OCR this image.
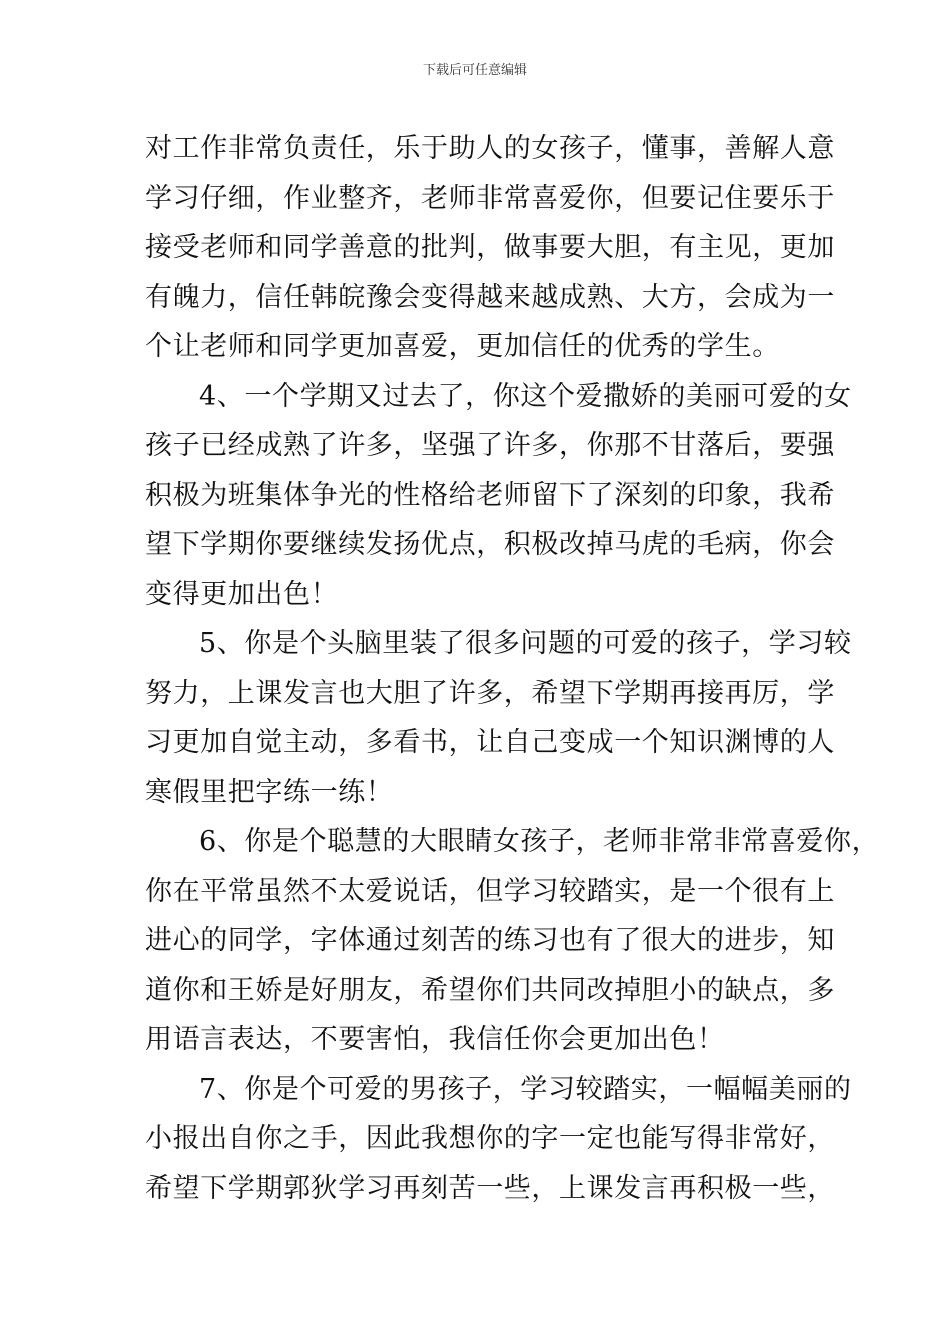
下载后可任意编辑
对工作非常负责任，乐于助人的女孩子，懂事，善解人意
学习仔细，作业整齐，老师非常喜爱你，但要记住要乐于
接受老师和同学善意的批判，做事要大胆，有主见，更加
有魄力，信任韩皖豫会变得越来越成熟、大方，会成为一
个让老师和同学更加喜爱，更加信任的优秀的学生。
4、一个学期又过去了，你这个爱撒娇的美丽可爱的女
孩子已经成熟了许多，坚强了许多，你那不甘落后，要强
积极为班集体争光的性格给老师留下了深刻的印象，我希
望下学期你要继续发扬优点，积极改掉马虎的毛病，你会
变得更加出色！
5、你是个头脑里装了很多问题的可爱的孩子，学习较
努力，上课发言也大胆了许多，希望下学期再接再厉，学
习更加自觉主动，多看书，让自己变成一个知识渊博的人
寒假里把字练一练！
6、你是个聪慧的大眼睛女孩子，老师非常非常喜爱你，
你在平常虽然不太爱说话，但学习较踏实，是一个很有上
进心的同学，字体通过刻苦的练习也有了很大的进步，知
道你和王娇是好朋友，希望你们共同改掉胆小的缺点，多
用语言表达，不要害怕，我信任你会更加出色！
7、你是个可爱的男孩子，学习较踏实，一幅幅美丽的
小报出自你之手，因此我想你的字一定也能写得非常好，
希望下学期郭狄学习再刻苦一些，上课发言再积极一些，
